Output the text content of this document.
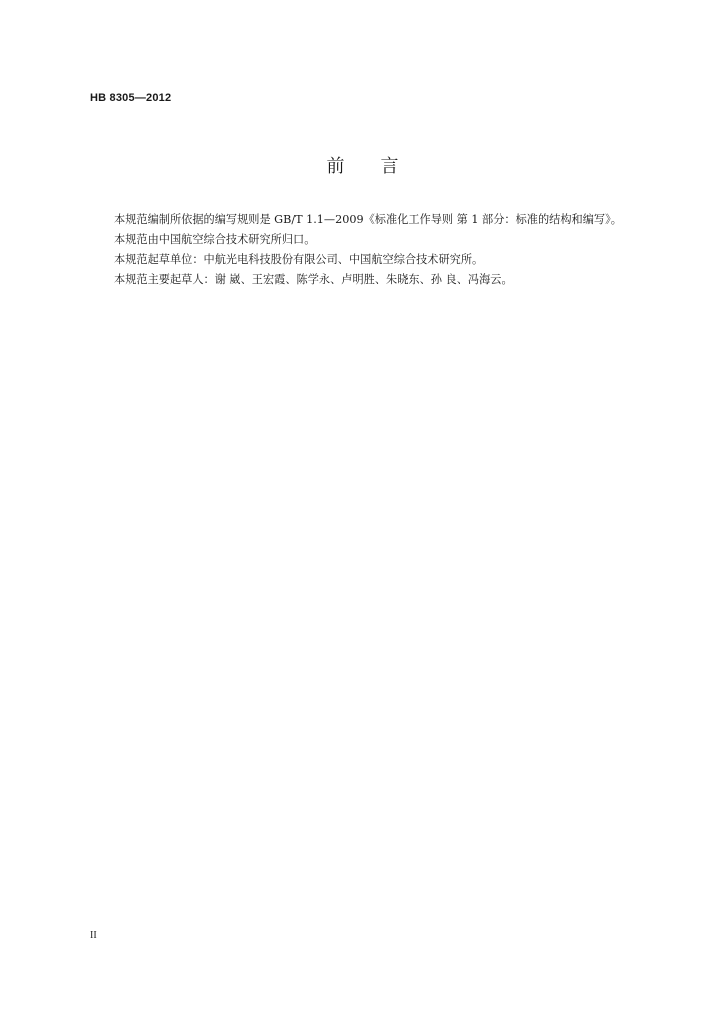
HB 8305—2012
前言

本规范编制所依据的编写规则是 GB/T 1.1—2009《标准化工作导则 第 1 部分：标准的结构和编写》。

本规范由中国航空综合技术研究所归口。

本规范起草单位：中航光电科技股份有限公司、中国航空综合技术研究所。

本规范主要起草人：谢 崴、王宏霞、陈学永、卢明胜、朱晓东、孙 良、冯海云。

II
